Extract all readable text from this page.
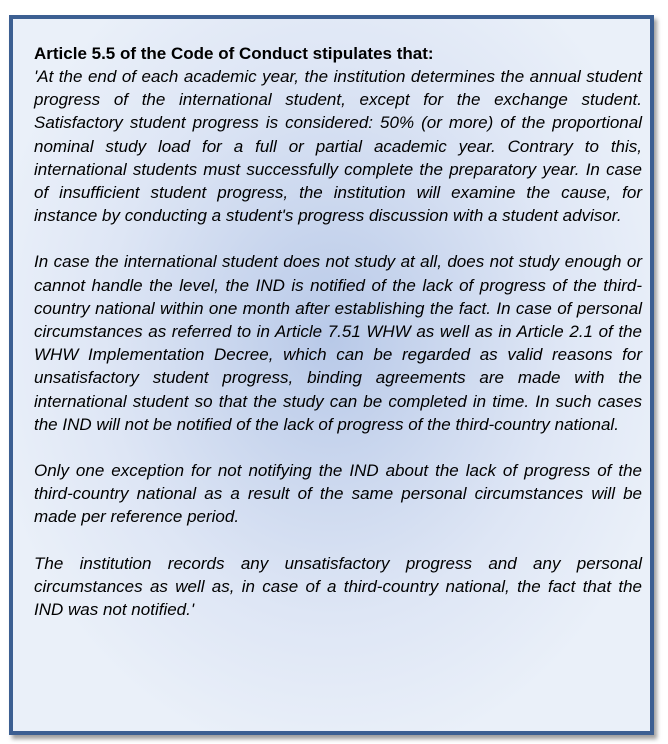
Article 5.5 of the Code of Conduct stipulates that:

'At the end of each academic year, the institution determines the annual student progress of the international student, except for the exchange student. Satisfactory student progress is considered: 50% (or more) of the proportional nominal study load for a full or partial academic year. Contrary to this, international students must successfully complete the preparatory year. In case of insufficient student progress, the institution will examine the cause, for instance by conducting a student's progress discussion with a student advisor.

In case the international student does not study at all, does not study enough or cannot handle the level, the IND is notified of the lack of progress of the third-country national within one month after establishing the fact. In case of personal circumstances as referred to in Article 7.51 WHW as well as in Article 2.1 of the WHW Implementation Decree, which can be regarded as valid reasons for unsatisfactory student progress, binding agreements are made with the international student so that the study can be completed in time. In such cases the IND will not be notified of the lack of progress of the third-country national.

Only one exception for not notifying the IND about the lack of progress of the third-country national as a result of the same personal circumstances will be made per reference period.

The institution records any unsatisfactory progress and any personal circumstances as well as, in case of a third-country national, the fact that the IND was not notified.'
